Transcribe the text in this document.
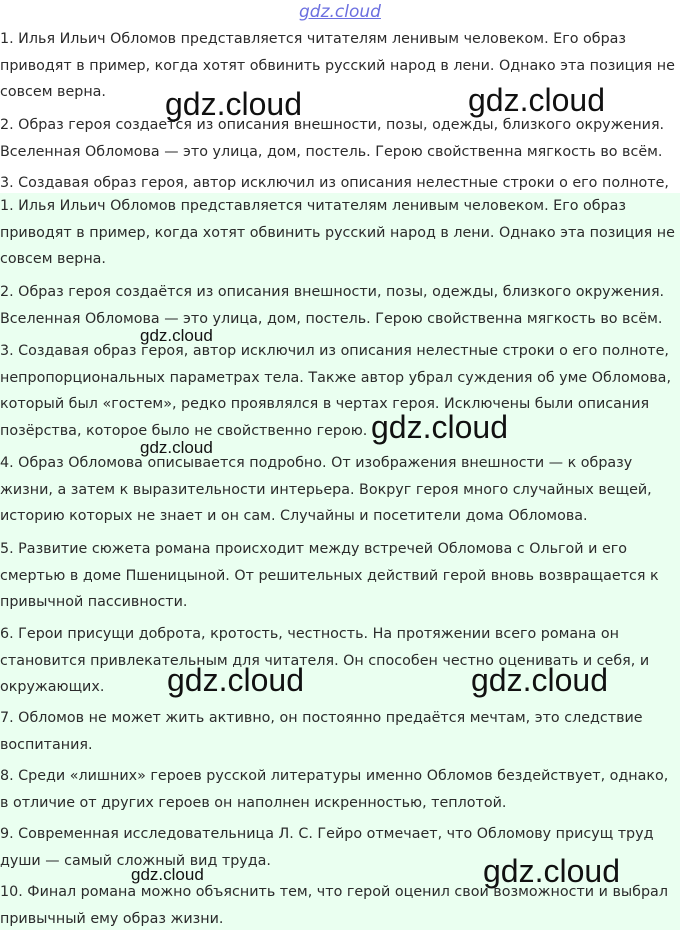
gdz.cloud

1. Илья Ильич Обломов представляется читателям ленивым человеком. Его образ приводят в пример, когда хотят обвинить русский народ в лени. Однако эта позиция не совсем верна.

2. Образ героя создается из описания внешности, позы, одежды, близкого окружения. Вселенная Обломова — это улица, дом, постель. Герою свойственна мягкость во всём.

3. Создавая образ героя, автор исключил из описания нелестные строки о его полноте,

1. Илья Ильич Обломов представляется читателям ленивым человеком. Его образ приводят в пример, когда хотят обвинить русский народ в лени. Однако эта позиция не совсем верна.

2. Образ героя создаётся из описания внешности, позы, одежды, близкого окружения. Вселенная Обломова — это улица, дом, постель. Герою свойственна мягкость во всём.

3. Создавая образ героя, автор исключил из описания нелестные строки о его полноте, непропорциональных параметрах тела. Также автор убрал суждения об уме Обломова, который был «гостем», редко проявлялся в чертах героя. Исключены были описания позёрства, которое было не свойственно герою.

4. Образ Обломова описывается подробно. От изображения внешности — к образу жизни, а затем к выразительности интерьера. Вокруг героя много случайных вещей, историю которых не знает и он сам. Случайны и посетители дома Обломова.

5. Развитие сюжета романа происходит между встречей Обломова с Ольгой и его смертью в доме Пшеницыной. От решительных действий герой вновь возвращается к привычной пассивности.

6. Герои присущи доброта, кротость, честность. На протяжении всего романа он становится привлекательным для читателя. Он способен честно оценивать и себя, и окружающих.

7. Обломов не может жить активно, он постоянно предаётся мечтам, это следствие воспитания.

8. Среди «лишних» героев русской литературы именно Обломов бездействует, однако, в отличие от других героев он наполнен искренностью, теплотой.

9. Современная исследовательница Л. С. Гейро отмечает, что Обломову присущ труд души — самый сложный вид труда.

10. Финал романа можно объяснить тем, что герой оценил свои возможности и выбрал привычный ему образ жизни.

gdz.cloud	gdz.cloud
gdz.cloud
gdz.cloud
gdz.cloud
gdz.cloud	gdz.cloud
gdz.cloud
gdz.cloud
